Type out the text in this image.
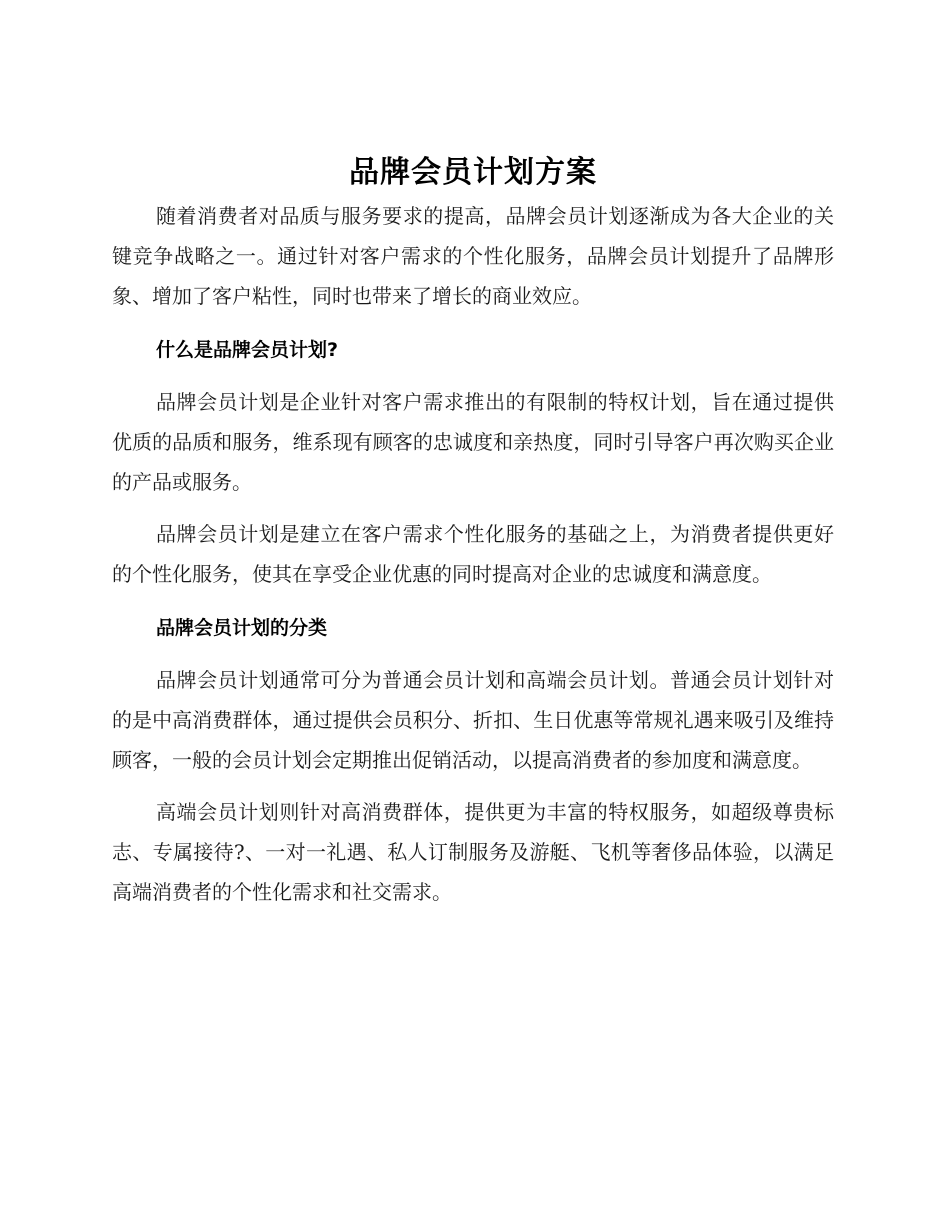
品牌会员计划方案

随着消费者对品质与服务要求的提高，品牌会员计划逐渐成为各大企业的关键竞争战略之一。通过针对客户需求的个性化服务，品牌会员计划提升了品牌形象、增加了客户粘性，同时也带来了增长的商业效应。

什么是品牌会员计划?

品牌会员计划是企业针对客户需求推出的有限制的特权计划，旨在通过提供优质的品质和服务，维系现有顾客的忠诚度和亲热度，同时引导客户再次购买企业的产品或服务。

品牌会员计划是建立在客户需求个性化服务的基础之上，为消费者提供更好的个性化服务，使其在享受企业优惠的同时提高对企业的忠诚度和满意度。

品牌会员计划的分类

品牌会员计划通常可分为普通会员计划和高端会员计划。普通会员计划针对的是中高消费群体，通过提供会员积分、折扣、生日优惠等常规礼遇来吸引及维持顾客，一般的会员计划会定期推出促销活动，以提高消费者的参加度和满意度。

高端会员计划则针对高消费群体，提供更为丰富的特权服务，如超级尊贵标志、专属接待?、一对一礼遇、私人订制服务及游艇、飞机等奢侈品体验，以满足高端消费者的个性化需求和社交需求。
